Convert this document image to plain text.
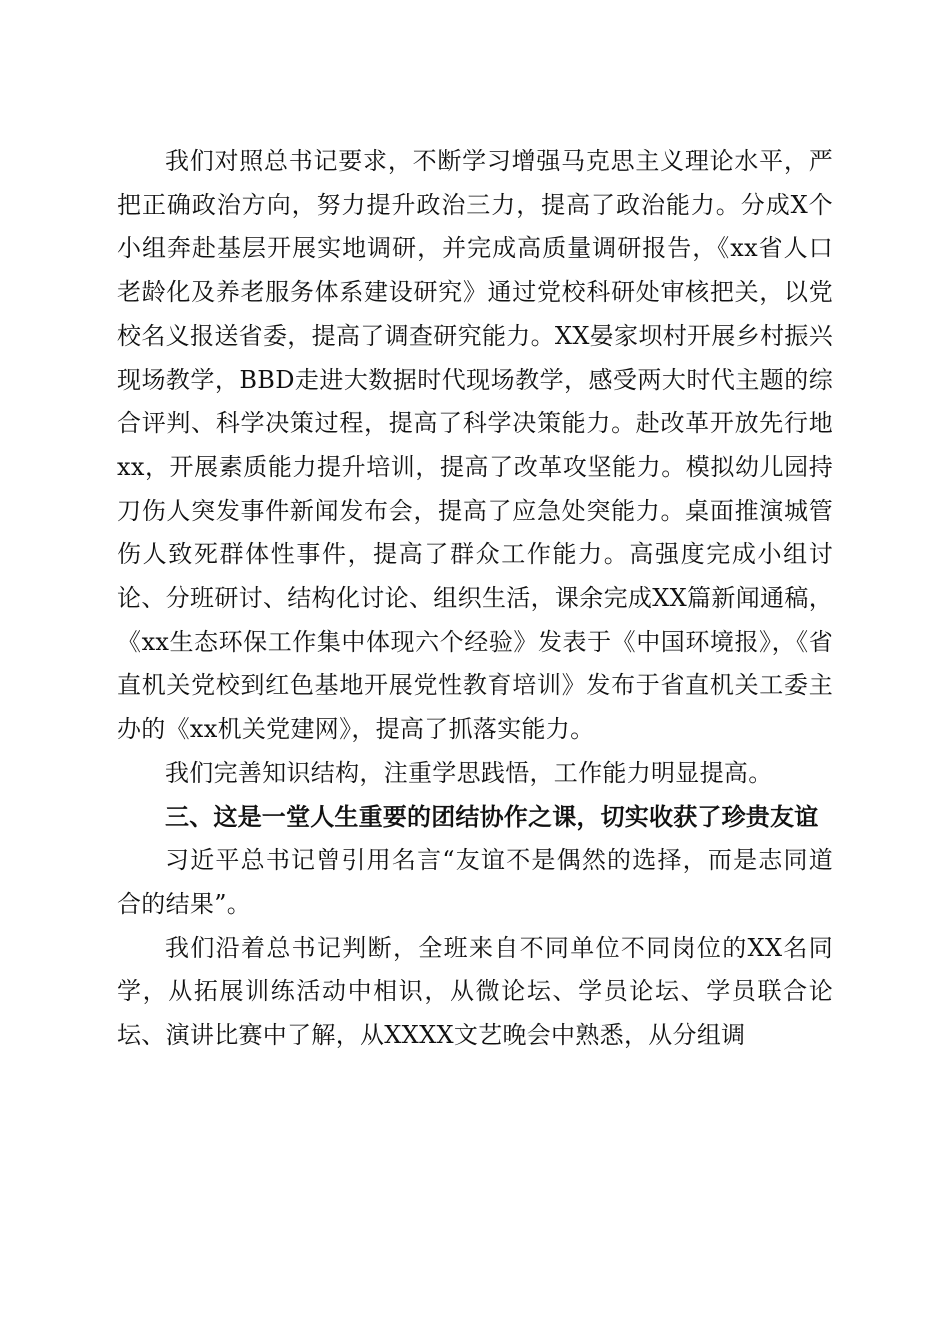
我们对照总书记要求，不断学习增强马克思主义理论水平，严把正确政治方向，努力提升政治三力，提高了政治能力。分成X个小组奔赴基层开展实地调研，并完成高质量调研报告，《xx省人口老龄化及养老服务体系建设研究》通过党校科研处审核把关，以党校名义报送省委，提高了调查研究能力。XX晏家坝村开展乡村振兴现场教学，BBD走进大数据时代现场教学，感受两大时代主题的综合评判、科学决策过程，提高了科学决策能力。赴改革开放先行地xx，开展素质能力提升培训，提高了改革攻坚能力。模拟幼儿园持刀伤人突发事件新闻发布会，提高了应急处突能力。桌面推演城管伤人致死群体性事件，提高了群众工作能力。高强度完成小组讨论、分班研讨、结构化讨论、组织生活，课余完成XX篇新闻通稿，《xx生态环保工作集中体现六个经验》发表于《中国环境报》，《省直机关党校到红色基地开展党性教育培训》发布于省直机关工委主办的《xx机关党建网》，提高了抓落实能力。

我们完善知识结构，注重学思践悟，工作能力明显提高。

三、这是一堂人生重要的团结协作之课，切实收获了珍贵友谊

习近平总书记曾引用名言“友谊不是偶然的选择，而是志同道合的结果”。

我们沿着总书记判断，全班来自不同单位不同岗位的XX名同学，从拓展训练活动中相识，从微论坛、学员论坛、学员联合论坛、演讲比赛中了解，从XXXX文艺晚会中熟悉，从分组调
